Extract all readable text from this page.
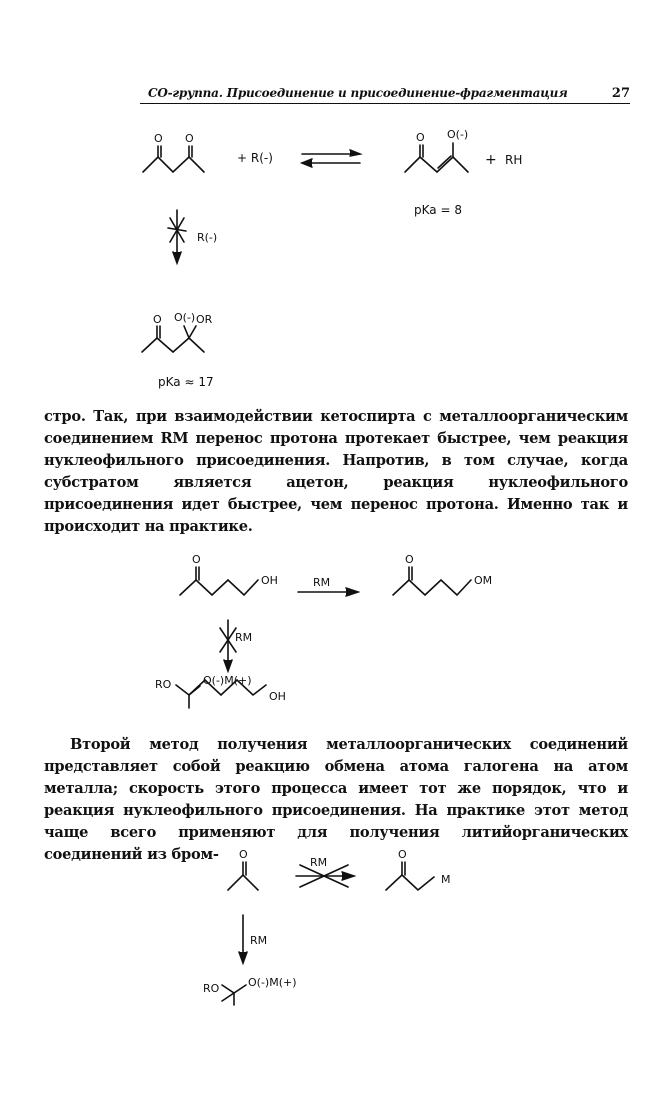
СО-группа. Присоединение и присоединение-фрагментация	27
O O
+ R(-)
O O(-)
+ RH
pKa = 8
R(-)
O O(-) OR
pKa ≈ 17
стро. Так, при взаимодействии кетоспирта с металлоорганическим соединением RM перенос протона протекает быстрее, чем реакция нуклеофильного присоединения. Напротив, в том случае, когда субстратом является ацетон, реакция нуклеофильного присоединения идет быстрее, чем перенос протона. Именно так и происходит на практике.
O
OH	RM
O
OM
RM
RO	O(-)M(+)
OH
Второй метод получения металлоорганических соединений представляет собой реакцию обмена атома галогена на атом металла; скорость этого процесса имеет тот же порядок, что и реакция нуклеофильного присоединения. На практике этот метод чаще всего применяют для получения литийорганических соединений из бром-	O
RM
O
M
RM
RO	O(-)M(+)
